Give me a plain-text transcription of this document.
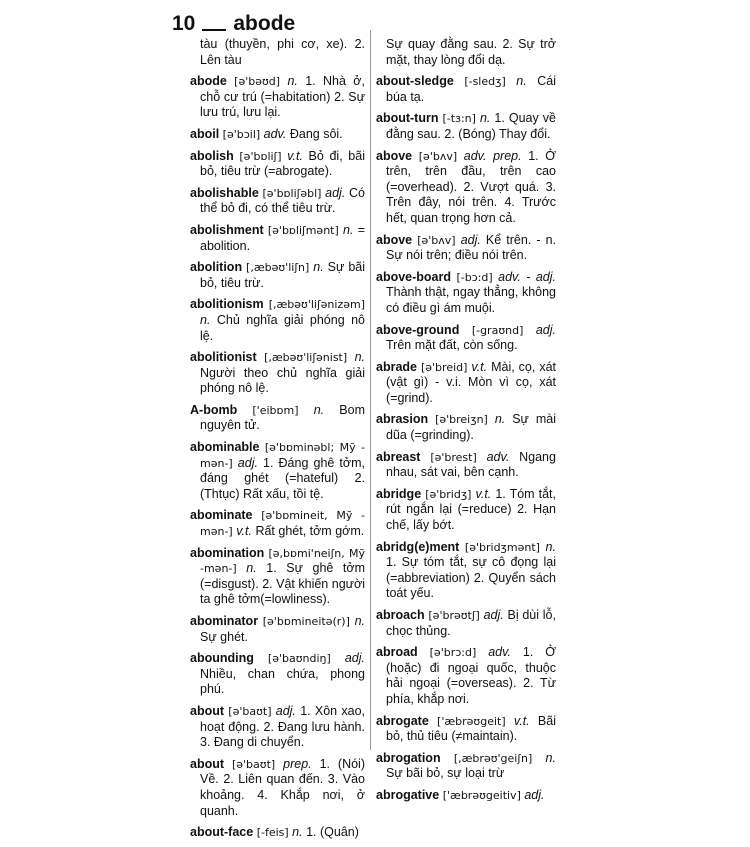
10 abode
tàu (thuyền, phi cơ, xe). 2. Lên tàu
abode [ə'bəʊd] n. 1. Nhà ở, chỗ cư trú (=habitation) 2. Sự lưu trú, lưu lại.
aboil [ə'bɔil] adv. Đang sôi.
abolish [ə'bɒliʃ] v.t. Bỏ đi, bãi bỏ, tiêu trừ (=abrogate).
abolishable [ə'bɒliʃəbl] adj. Có thể bỏ đi, có thể tiêu trừ.
abolishment [ə'bɒliʃmənt] n. = abolition.
abolition [,æbəʊ'liʃn] n. Sự bãi bỏ, tiêu trừ.
abolitionism [,æbəʊ'liʃənizəm] n. Chủ nghĩa giải phóng nô lệ.
abolitionist [,æbəʊ'liʃənist] n. Người theo chủ nghĩa giải phóng nô lệ.
A-bomb ['eibɒm] n. Bom nguyên tử.
abominable [ə'bɒminəbl; Mỹ -mən-] adj. 1. Đáng ghê tởm, đáng ghét (=hateful) 2. (Thtục) Rất xấu, tồi tệ.
abominate [ə'bɒmineit, Mỹ -mən-] v.t. Rất ghét, tởm gớm.
abomination [ə,bɒmi'neiʃn, Mỹ -mən-] n. 1. Sự ghê tởm (=disgust). 2. Vật khiến người ta ghê tởm(=lowliness).
abominator [ə'bɒmineitə(r)] n. Sự ghét.
abounding [ə'baʊndiŋ] adj. Nhiều, chan chứa, phong phú.
about [ə'baʊt] adj. 1. Xôn xao, hoạt động. 2. Đang lưu hành. 3. Đang di chuyển.
about [ə'baʊt] prep. 1. (Nói) Về. 2. Liên quan đến. 3. Vào khoảng. 4. Khắp nơi, ở quanh.
about-face [-feis] n. 1. (Quân)
Sự quay đằng sau. 2. Sự trở mặt, thay lòng đổi dạ.
about-sledge [-sledʒ] n. Cái búa tạ.
about-turn [-tɜ:n] n. 1. Quay về đằng sau. 2. (Bóng) Thay đổi.
above [ə'bʌv] adv. prep. 1. Ở trên, trên đầu, trên cao (=overhead). 2. Vượt quá. 3. Trên đây, nói trên. 4. Trước hết, quan trọng hơn cả.
above [ə'bʌv] adj. Kể trên. - n. Sự nói trên; điều nói trên.
above-board [-bɔ:d] adv. - adj. Thành thật, ngay thẳng, không có điều gì ám muội.
above-ground [-graʊnd] adj. Trên mặt đất, còn sống.
abrade [ə'breid] v.t. Mài, cọ, xát (vật gì) - v.i. Mòn vì cọ, xát (=grind).
abrasion [ə'breiʒn] n. Sự mài dũa (=grinding).
abreast [ə'brest] adv. Ngang nhau, sát vai, bên cạnh.
abridge [ə'bridʒ] v.t. 1. Tóm tắt, rút ngắn lại (=reduce) 2. Hạn chế, lấy bớt.
abridg(e)ment [ə'bridʒmənt] n. 1. Sự tóm tắt, sự cô đọng lại (=abbreviation) 2. Quyển sách toát yếu.
abroach [ə'brəʊtʃ] adj. Bị dùi lỗ, chọc thủng.
abroad [ə'brɔ:d] adv. 1. Ở (hoặc) đi ngoại quốc, thuộc hải ngoại (=overseas). 2. Từ phía, khắp nơi.
abrogate ['æbrəʊgeit] v.t. Bãi bỏ, thủ tiêu (≠maintain).
abrogation [,æbrəʊ'geiʃn] n. Sự bãi bỏ, sự loại trừ
abrogative ['æbrəʊgeitiv] adj.
